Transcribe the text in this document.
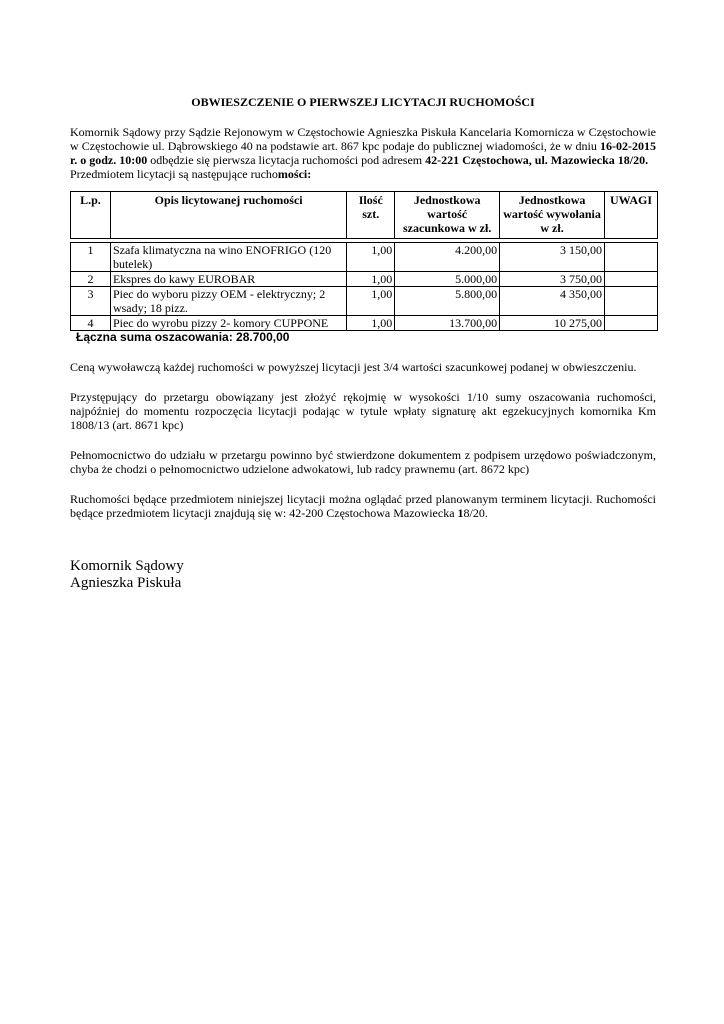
OBWIESZCZENIE O PIERWSZEJ LICYTACJI RUCHOMOŚCI

Komornik Sądowy przy Sądzie Rejonowym w Częstochowie Agnieszka Piskuła Kancelaria Komornicza w Częstochowie w Częstochowie ul. Dąbrowskiego 40 na podstawie art. 867 kpc podaje do publicznej wiadomości, że w dniu 16-02-2015 r. o godz. 10:00 odbędzie się pierwsza licytacja ruchomości pod adresem 42-221 Częstochowa, ul. Mazowiecka 18/20.
Przedmiotem licytacji są następujące ruchomości:

L.p.	Opis licytowanej ruchomości	Ilość szt.	Jednostkowa wartość szacunkowa w zł.	Jednostkowa wartość wywołania w zł.	UWAGI

1	Szafa klimatyczna na wino ENOFRIGO (120 butelek)	1,00	4.200,00	3 150,00	
2	Ekspres do kawy EUROBAR	1,00	5.000,00	3 750,00	
3	Piec do wyboru pizzy OEM - elektryczny; 2 wsady; 18 pizz.	1,00	5.800,00	4 350,00	
4	Piec do wyrobu pizzy 2- komory CUPPONE	1,00	13.700,00	10 275,00	
Łączna suma oszacowania: 28.700,00

Ceną wywoławczą każdej ruchomości w powyższej licytacji jest 3/4 wartości szacunkowej podanej w obwieszczeniu.

Przystępujący do przetargu obowiązany jest złożyć rękojmię w wysokości 1/10 sumy oszacowania ruchomości, najpóźniej do momentu rozpoczęcia licytacji podając w tytule wpłaty signaturę akt egzekucyjnych komornika Km 1808/13 (art. 8671 kpc)

Pełnomocnictwo do udziału w przetargu powinno być stwierdzone dokumentem z podpisem urzędowo poświadczonym, chyba że chodzi o pełnomocnictwo udzielone adwokatowi, lub radcy prawnemu (art. 8672 kpc)

Ruchomości będące przedmiotem niniejszej licytacji można oglądać przed planowanym terminem licytacji. Ruchomości będące przedmiotem licytacji znajdują się w: 42-200 Częstochowa Mazowiecka 18/20.

Komornik Sądowy
Agnieszka Piskuła
